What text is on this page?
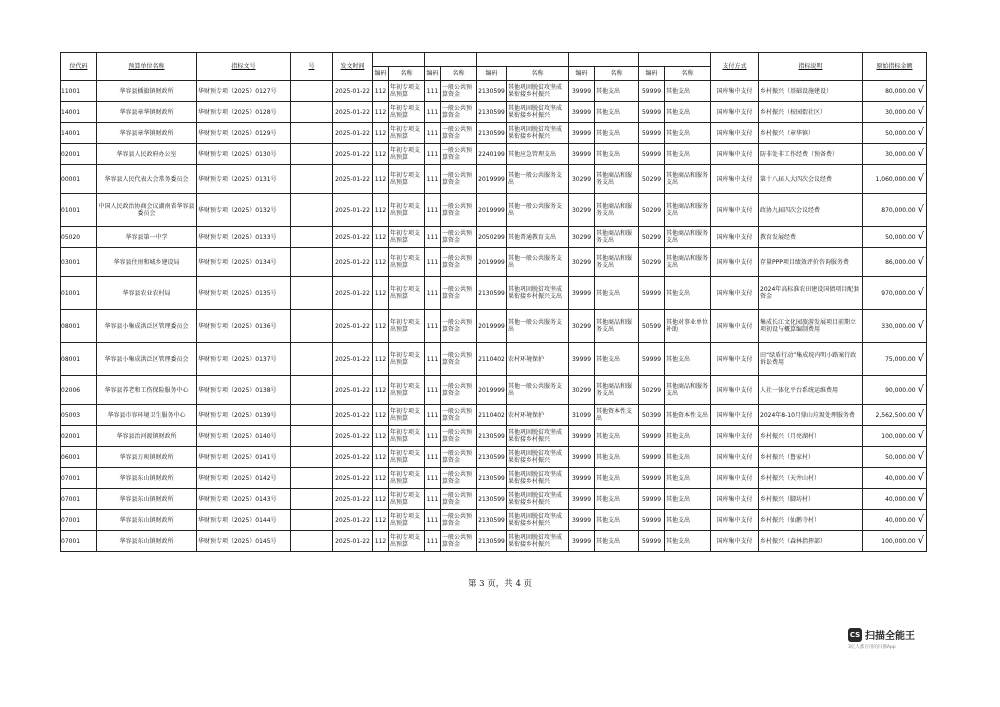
位代码	预算单位名称	指标文号	号	发文时间											支付方式	指标说明	原始指标金额
					编码	名称	编码	名称	编码	名称	编码	名称	编码	名称			
11001	华容县插旗镇财政所	华财预专项（2025）0127号		2025-01-22	112	年初专项支出预算	111	一般公共预算资金	2130599	其他巩固脱贫攻坚成果衔接乡村振兴	39999	其他支出	59999	其他支出	国库集中支付	乡村振兴（基础设施建设）	80,000.00 √

14001	华容县章华镇财政所	华财预专项（2025）0128号		2025-01-22	112	年初专项支出预算	111	一般公共预算资金	2130599	其他巩固脱贫攻坚成果衔接乡村振兴	39999	其他支出	59999	其他支出	国库集中支付	乡村振兴（桉园街社区）	30,000.00 √

14001	华容县章华镇财政所	华财预专项（2025）0129号		2025-01-22	112	年初专项支出预算	111	一般公共预算资金	2130599	其他巩固脱贫攻坚成果衔接乡村振兴	39999	其他支出	59999	其他支出	国库集中支付	乡村振兴（章华镇）	50,000.00 √

02001	华容县人民政府办公室	华财预专项（2025）0130号		2025-01-22	112	年初专项支出预算	111	一般公共预算资金	2240199	其他应急管理支出	39999	其他支出	59999	其他支出	国库集中支付	防非处非工作经费（预备费）	30,000.00 √

00001	华容县人民代表大会常务委员会	华财预专项（2025）0131号		2025-01-22	112	年初专项支出预算	111	一般公共预算资金	2019999	其他一般公共服务支出	30299	其他商品和服务支出	50299	其他商品和服务支出	国库集中支付	第十八届人大四次会议经费	1,060,000.00 √

01001	中国人民政治协商会议湖南省华容县委员会	华财预专项（2025）0132号		2025-01-22	112	年初专项支出预算	111	一般公共预算资金	2019999	其他一般公共服务支出	30299	其他商品和服务支出	50299	其他商品和服务支出	国库集中支付	政协九届四次会议经费	870,000.00 √

05020	华容县第一中学	华财预专项（2025）0133号		2025-01-22	112	年初专项支出预算	111	一般公共预算资金	2050299	其他普通教育支出	30299	其他商品和服务支出	50299	其他商品和服务支出	国库集中支付	教育发展经费	50,000.00 √

03001	华容县住房和城乡建设局	华财预专项（2025）0134号		2025-01-22	112	年初专项支出预算	111	一般公共预算资金	2019999	其他一般公共服务支出	30299	其他商品和服务支出	50299	其他商品和服务支出	国库集中支付	存量PPP项目绩效评价咨询服务费	86,000.00 √

01001	华容县农业农村局	华财预专项（2025）0135号		2025-01-22	112	年初专项支出预算	111	一般公共预算资金	2130599	其他巩固脱贫攻坚成果衔接乡村振兴支出	39999	其他支出	59999	其他支出	国库集中支付	2024年高标准农田建设国债项目配套资金	970,000.00 √

08001	华容县小集成洪泛区管理委员会	华财预专项（2025）0136号		2025-01-22	112	年初专项支出预算	111	一般公共预算资金	2019999	其他一般公共服务支出	30299	其他商品和服务支出	50599	其他对事业单位补助	国库集中支付	集成长江文化园旅游发展项目前期立项初设与概算编制费用	330,000.00 √

08001	华容县小集成洪泛区管理委员会	华财预专项（2025）0137号		2025-01-22	112	年初专项支出预算	111	一般公共预算资金	2110402	农村环境保护	39999	其他支出	59999	其他支出	国库集中支付	田“绿盾行动”集成垸内明小路案行政诉讼费用	75,000.00 √

02006	华容县养老和工伤保险服务中心	华财预专项（2025）0138号		2025-01-22	112	年初专项支出预算	111	一般公共预算资金	2019999	其他一般公共服务支出	30299	其他商品和服务支出	50299	其他商品和服务支出	国库集中支付	人社一体化平台系统运维费用	90,000.00 √

05003	华容县市容环境卫生服务中心	华财预专项（2025）0139号		2025-01-22	112	年初专项支出预算	111	一般公共预算资金	2110402	农村环境保护	31099	其他资本性支出	50399	其他资本性支出	国库集中支付	2024年8-10月鼎山垃圾处理服务费	2,562,500.00 √

02001	华容县治河渡镇财政所	华财预专项（2025）0140号		2025-01-22	112	年初专项支出预算	111	一般公共预算资金	2130599	其他巩固脱贫攻坚成果衔接乡村振兴	39999	其他支出	59999	其他支出	国库集中支付	乡村振兴（月亮湖村）	100,000.00 √

06001	华容县万庾镇财政所	华财预专项（2025）0141号		2025-01-22	112	年初专项支出预算	111	一般公共预算资金	2130599	其他巩固脱贫攻坚成果衔接乡村振兴	39999	其他支出	59999	其他支出	国库集中支付	乡村振兴（鲁家村）	50,000.00 √

07001	华容县东山镇财政所	华财预专项（2025）0142号		2025-01-22	112	年初专项支出预算	111	一般公共预算资金	2130599	其他巩固脱贫攻坚成果衔接乡村振兴	39999	其他支出	59999	其他支出	国库集中支付	乡村振兴（天井山村）	40,000.00 √

07001	华容县东山镇财政所	华财预专项（2025）0143号		2025-01-22	112	年初专项支出预算	111	一般公共预算资金	2130599	其他巩固脱贫攻坚成果衔接乡村振兴	39999	其他支出	59999	其他支出	国库集中支付	乡村振兴（脚坊村）	40,000.00 √

07001	华容县东山镇财政所	华财预专项（2025）0144号		2025-01-22	112	年初专项支出预算	111	一般公共预算资金	2130599	其他巩固脱贫攻坚成果衔接乡村振兴	39999	其他支出	59999	其他支出	国库集中支付	乡村振兴（仙鹅寺村）	40,000.00 √

07001	华容县东山镇财政所	华财预专项（2025）0145号		2025-01-22	112	年初专项支出预算	111	一般公共预算资金	2130599	其他巩固脱贫攻坚成果衔接乡村振兴	39999	其他支出	59999	其他支出	国库集中支付	乡村振兴（森林指挥部）	100,000.00 √
第 3 页，共 4 页
CS 扫描全能王
3亿人都在用的扫描App
